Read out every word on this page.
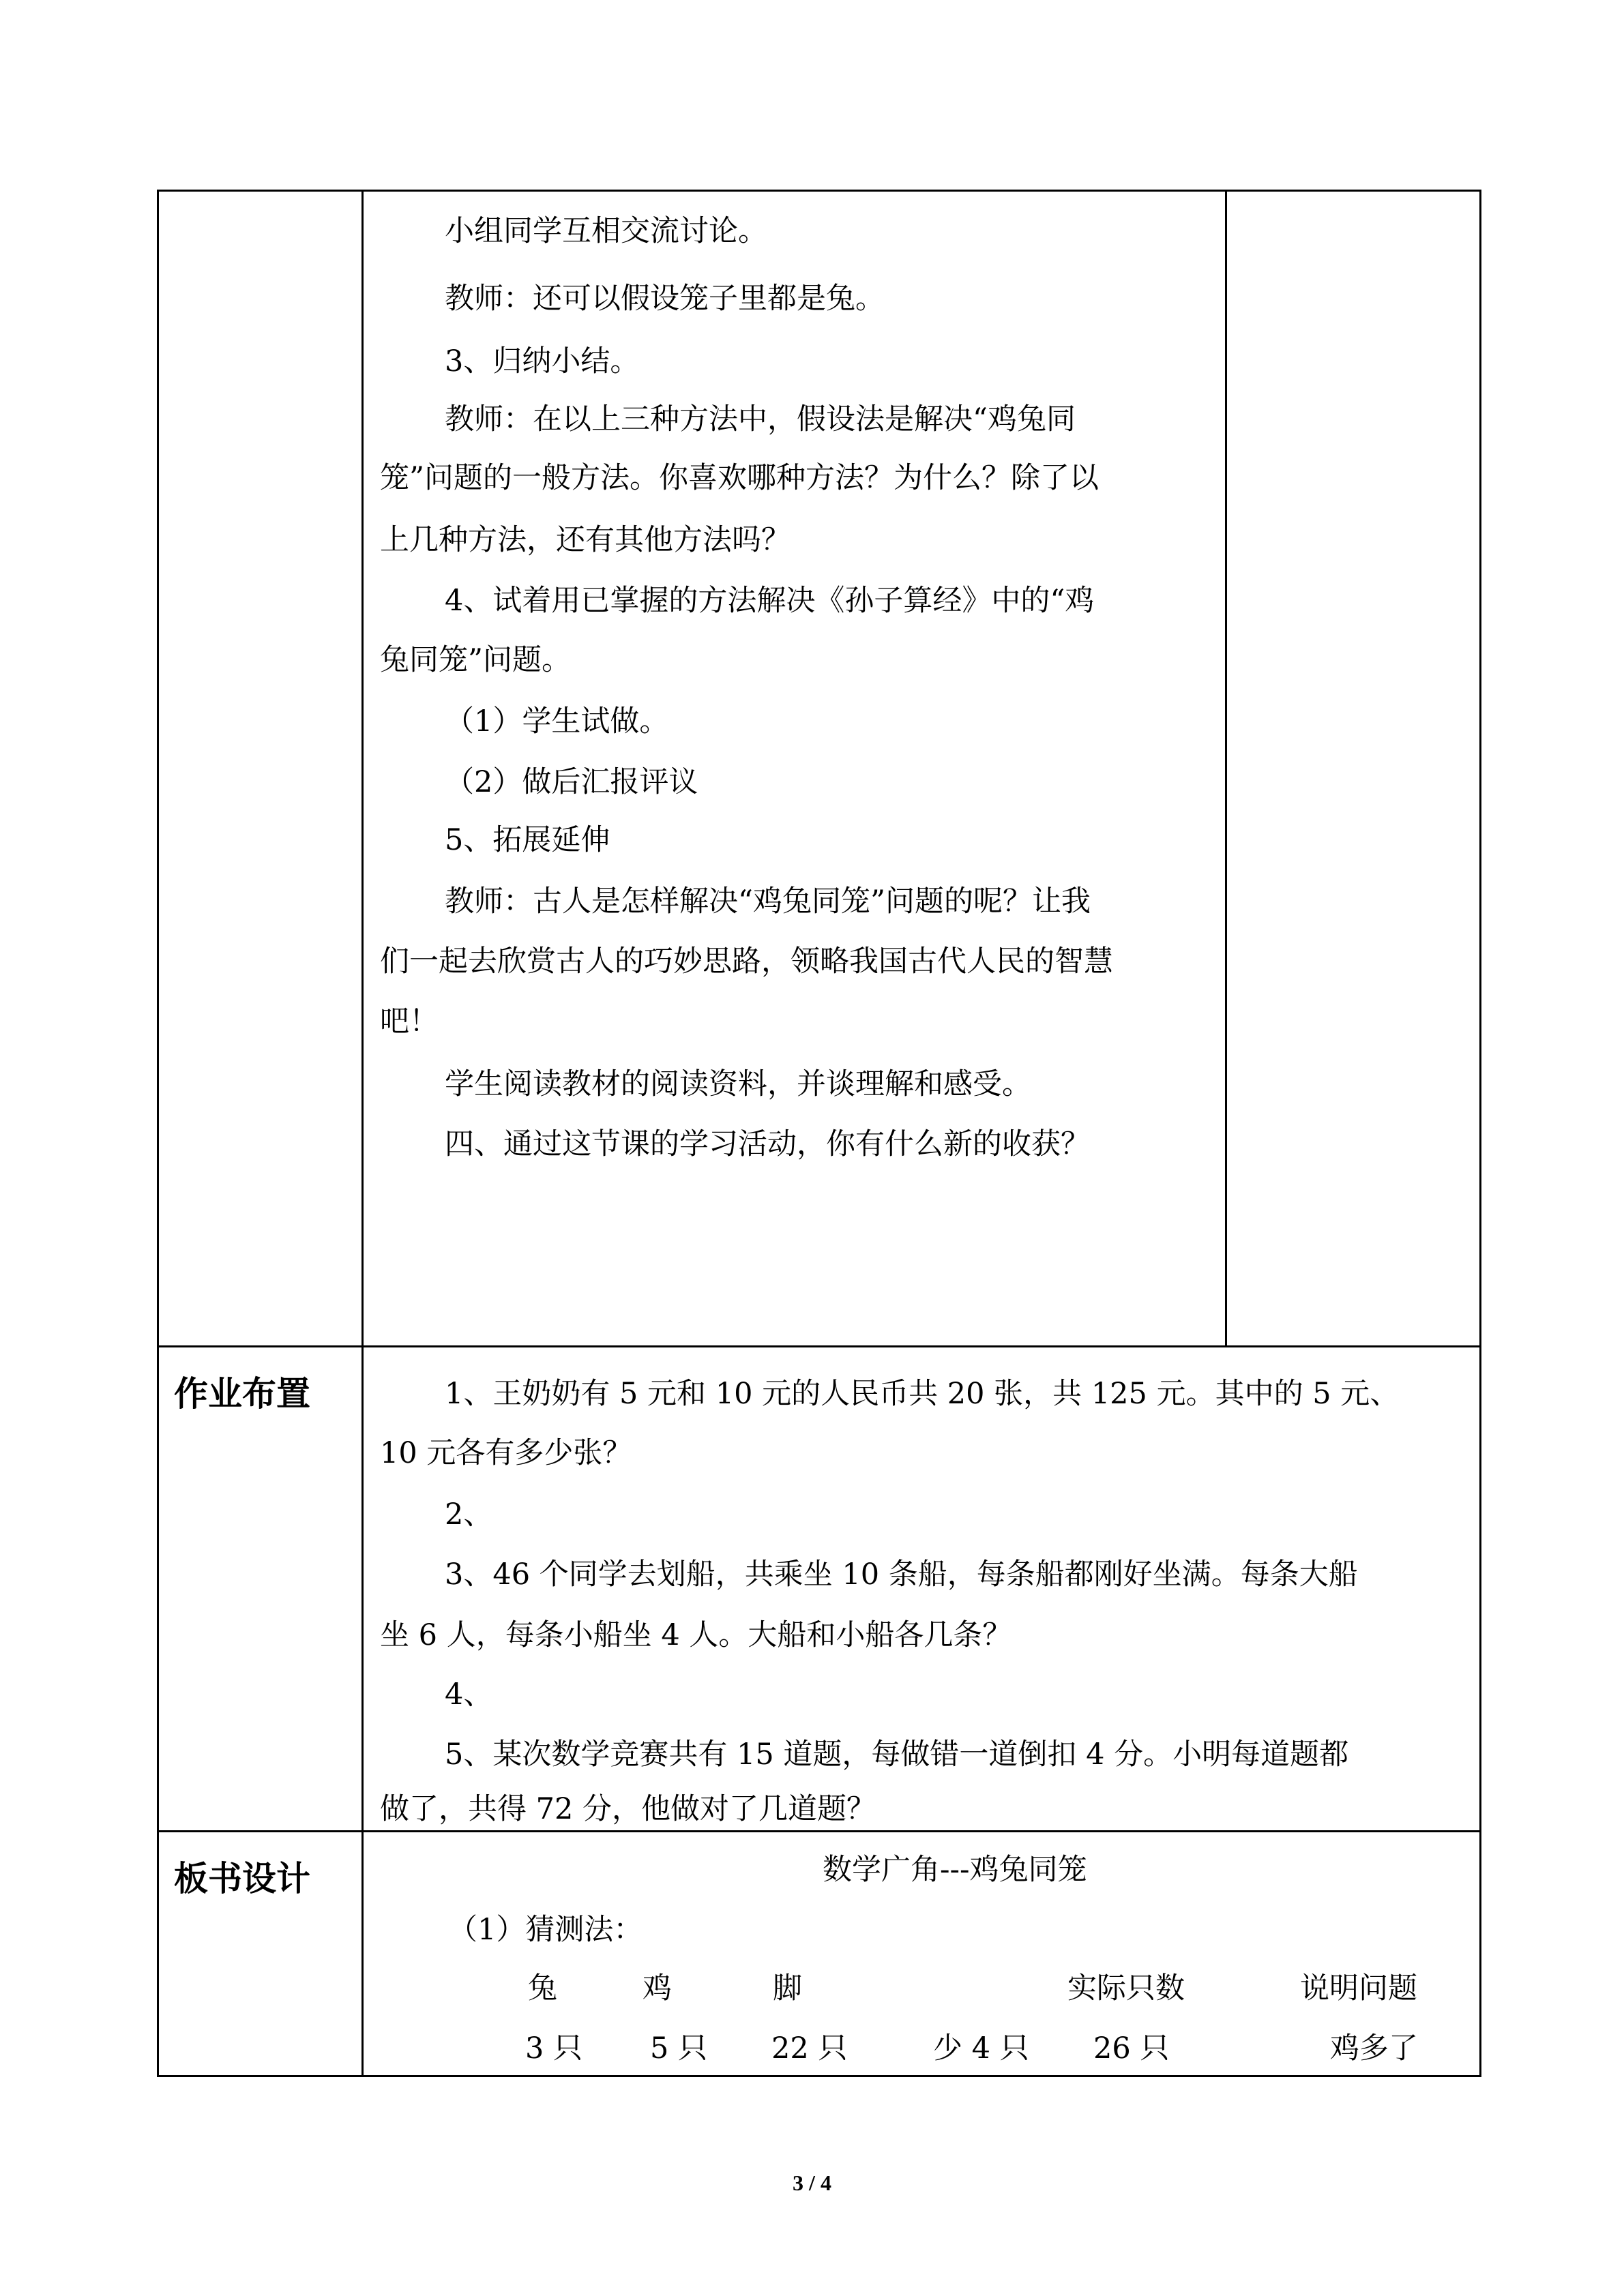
小组同学互相交流讨论。
教师：还可以假设笼子里都是兔。
3、归纳小结。
教师：在以上三种方法中，假设法是解决“鸡兔同
笼”问题的一般方法。你喜欢哪种方法？为什么？除了以
上几种方法，还有其他方法吗？
4、试着用已掌握的方法解决《孙子算经》中的“鸡
兔同笼”问题。
（1）学生试做。
（2）做后汇报评议
5、拓展延伸
教师：古人是怎样解决“鸡兔同笼”问题的呢？让我
们一起去欣赏古人的巧妙思路，领略我国古代人民的智慧
吧！
学生阅读教材的阅读资料，并谈理解和感受。
四、通过这节课的学习活动，你有什么新的收获？
作业布置	1、王奶奶有 5 元和 10 元的人民币共 20 张，共 125 元。其中的 5 元、
10 元各有多少张？
2、
3、46 个同学去划船，共乘坐 10 条船，每条船都刚好坐满。每条大船
坐 6 人，每条小船坐 4 人。大船和小船各几条？
4、
5、某次数学竞赛共有 15 道题，每做错一道倒扣 4 分。小明每道题都
做了，共得 72 分，他做对了几道题？
板书设计	数学广角---鸡兔同笼
（1）猜测法：
兔	鸡	脚	实际只数	说明问题
3 只 5 只 22 只	少 4 只 26 只	鸡多了
3 / 4
